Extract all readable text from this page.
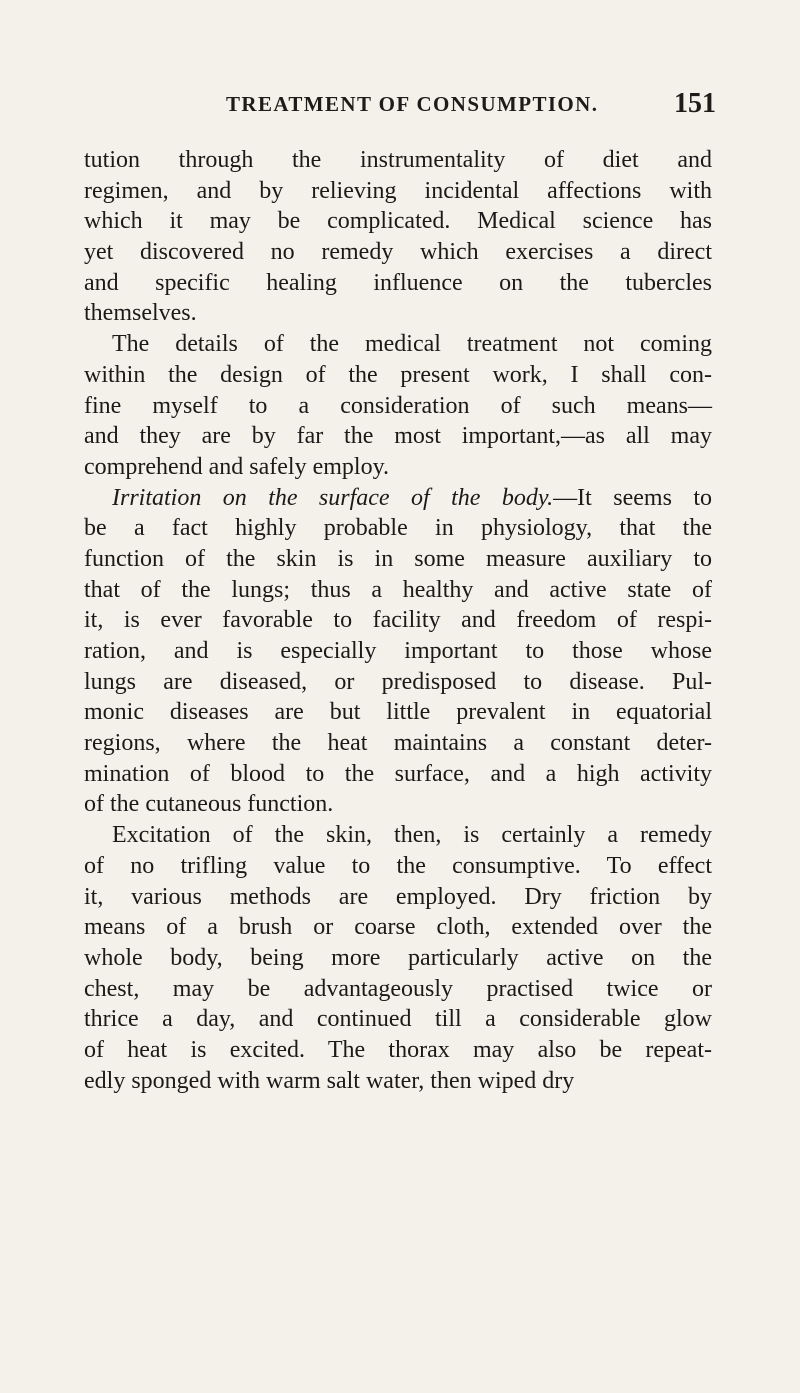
TREATMENT OF CONSUMPTION.	151
tution through the instrumentality of diet and
regimen, and by relieving incidental affections with
which it may be complicated. Medical science has
yet discovered no remedy which exercises a direct
and specific healing influence on the tubercles
themselves.
The details of the medical treatment not coming
within the design of the present work, I shall con-
fine myself to a consideration of such means—
and they are by far the most important,—as all may
comprehend and safely employ.
Irritation on the surface of the body.—It seems to
be a fact highly probable in physiology, that the
function of the skin is in some measure auxiliary to
that of the lungs; thus a healthy and active state of
it, is ever favorable to facility and freedom of respi-
ration, and is especially important to those whose
lungs are diseased, or predisposed to disease. Pul-
monic diseases are but little prevalent in equatorial
regions, where the heat maintains a constant deter-
mination of blood to the surface, and a high activity
of the cutaneous function.
Excitation of the skin, then, is certainly a remedy
of no trifling value to the consumptive. To effect
it, various methods are employed. Dry friction by
means of a brush or coarse cloth, extended over the
whole body, being more particularly active on the
chest, may be advantageously practised twice or
thrice a day, and continued till a considerable glow
of heat is excited. The thorax may also be repeat-
edly sponged with warm salt water, then wiped dry
